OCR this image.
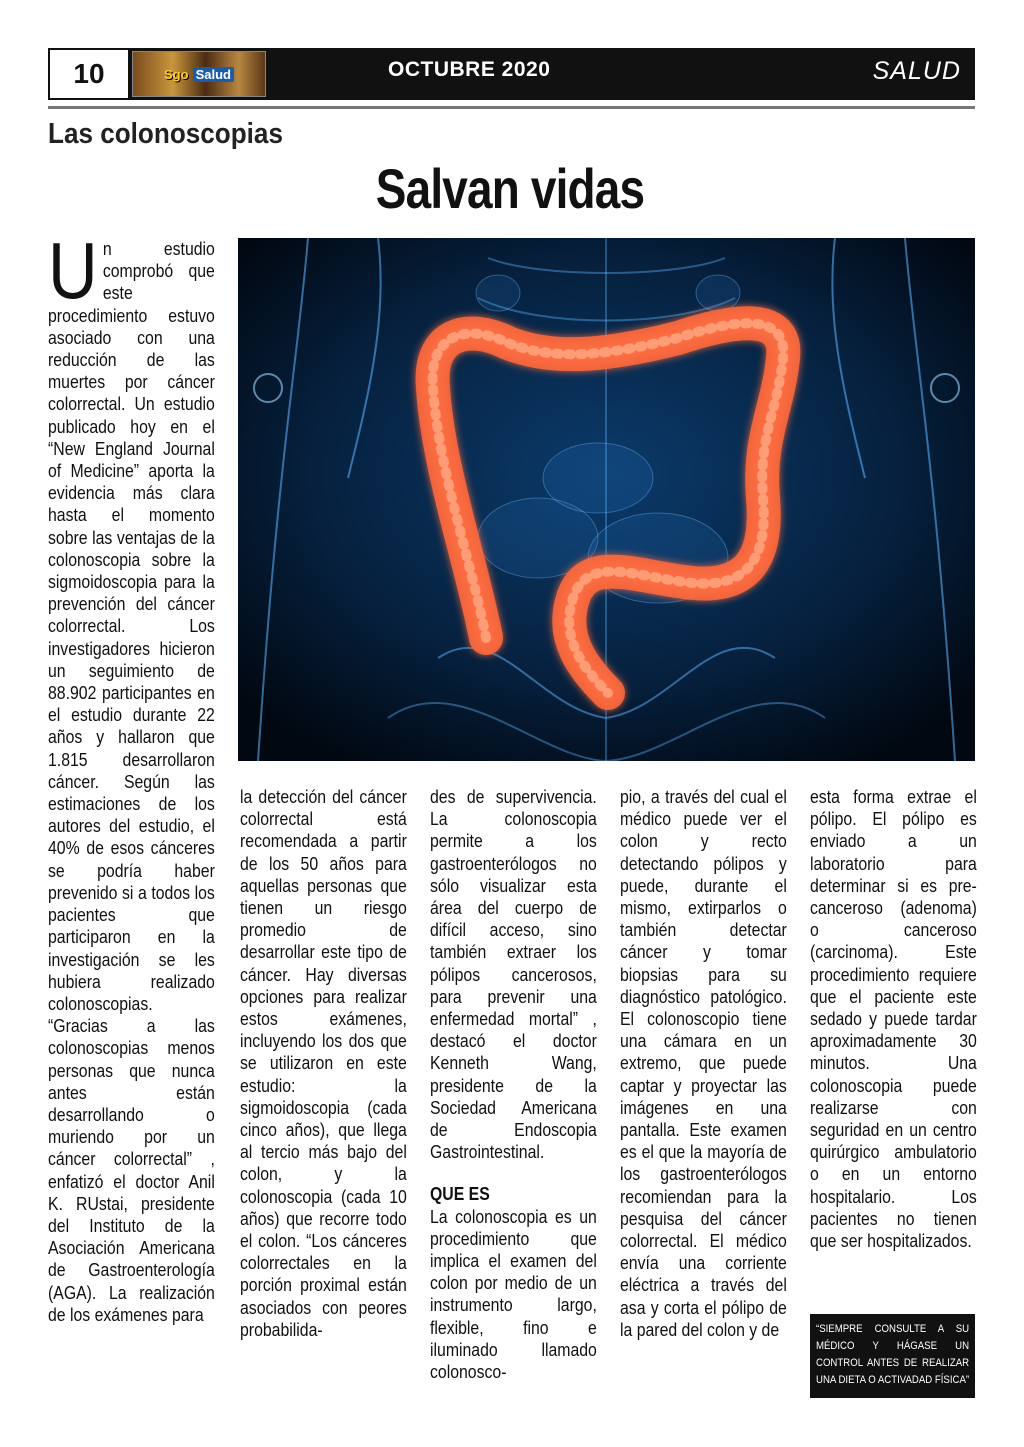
10	Sgo Salud	OCTUBRE 2020	SALUD
Las colonoscopias
Salvan vidas
U n estudio comprobó que este procedimiento estuvo asociado con una reducción de las muertes por cáncer colorrectal. Un estudio publicado hoy en el “New England Journal of Medicine” aporta la evidencia más clara hasta el momento sobre las ventajas de la colonoscopia sobre la sigmoidoscopia para la prevención del cáncer colorrectal. Los investigadores hicieron un seguimiento de 88.902 participantes en el estudio durante 22 años y hallaron que 1.815 desarrollaron cáncer. Según las estimaciones de los autores del estudio, el 40% de esos cánceres se podría haber prevenido si a todos los pacientes que participaron en la investigación se les hubiera realizado colonoscopias. “Gracias a las colonoscopias menos personas que nunca antes están desarrollando o muriendo por un cáncer colorrectal” , enfatizó el doctor Anil K. RUstai, presidente del Instituto de la Asociación Americana de Gastroenterología (AGA). La realización de los exámenes para

la detección del cáncer colorrectal está recomendada a partir de los 50 años para aquellas personas que tienen un riesgo promedio de desarrollar este tipo de cáncer. Hay diversas opciones para realizar estos exámenes, incluyendo los dos que se utilizaron en este estudio: la sigmoidoscopia (cada cinco años), que llega al tercio más bajo del colon, y la colonoscopia (cada 10 años) que recorre todo el colon. “Los cánceres colorrectales en la porción proximal están asociados con peores probabilida-

des de supervivencia. La colonoscopia permite a los gastroenterólogos no sólo visualizar esta área del cuerpo de difícil acceso, sino también extraer los pólipos cancerosos, para prevenir una enfermedad mortal” , destacó el doctor Kenneth Wang, presidente de la Sociedad Americana de Endoscopia Gastrointestinal.

QUE ES

La colonoscopia es un procedimiento que implica el examen del colon por medio de un instrumento largo, flexible, fino e iluminado llamado colonosco-

pio, a través del cual el médico puede ver el colon y recto detectando pólipos y puede, durante el mismo, extirparlos o también detectar cáncer y tomar biopsias para su diagnóstico patológico. El colonoscopio tiene una cámara en un extremo, que puede captar y proyectar las imágenes en una pantalla. Este examen es el que la mayoría de los gastroenterólogos recomiendan para la pesquisa del cáncer colorrectal. El médico envía una corriente eléctrica a través del asa y corta el pólipo de la pared del colon y de

esta forma extrae el pólipo. El pólipo es enviado a un laboratorio para determinar si es pre-canceroso (adenoma) o canceroso (carcinoma). Este procedimiento requiere que el paciente este sedado y puede tardar aproximadamente 30 minutos. Una colonoscopia puede realizarse con seguridad en un centro quirúrgico ambulatorio o en un entorno hospitalario. Los pacientes no tienen que ser hospitalizados.

“SIEMPRE CONSULTE A SU MÉDICO Y HÁGASE UN CONTROL ANTES DE REALIZAR UNA DIETA O ACTIVADAD FÍSICA”
